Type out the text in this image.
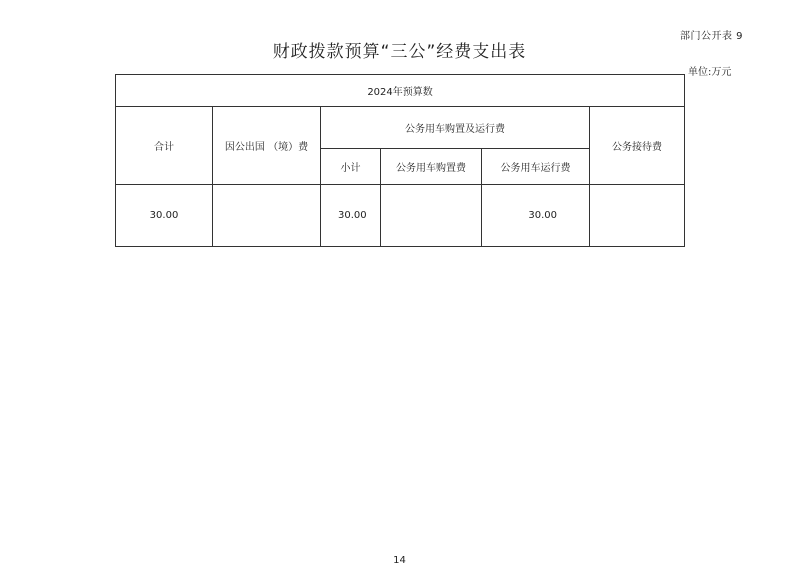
部门公开表 9
财政拨款预算“三公”经费支出表
单位:万元
2024年预算数					
合计	因公出国 （境）费	公务用车购置及运行费			公务接待费
		小计	公务用车购置费	公务用车运行费	
30.00		30.00		30.00	
14
